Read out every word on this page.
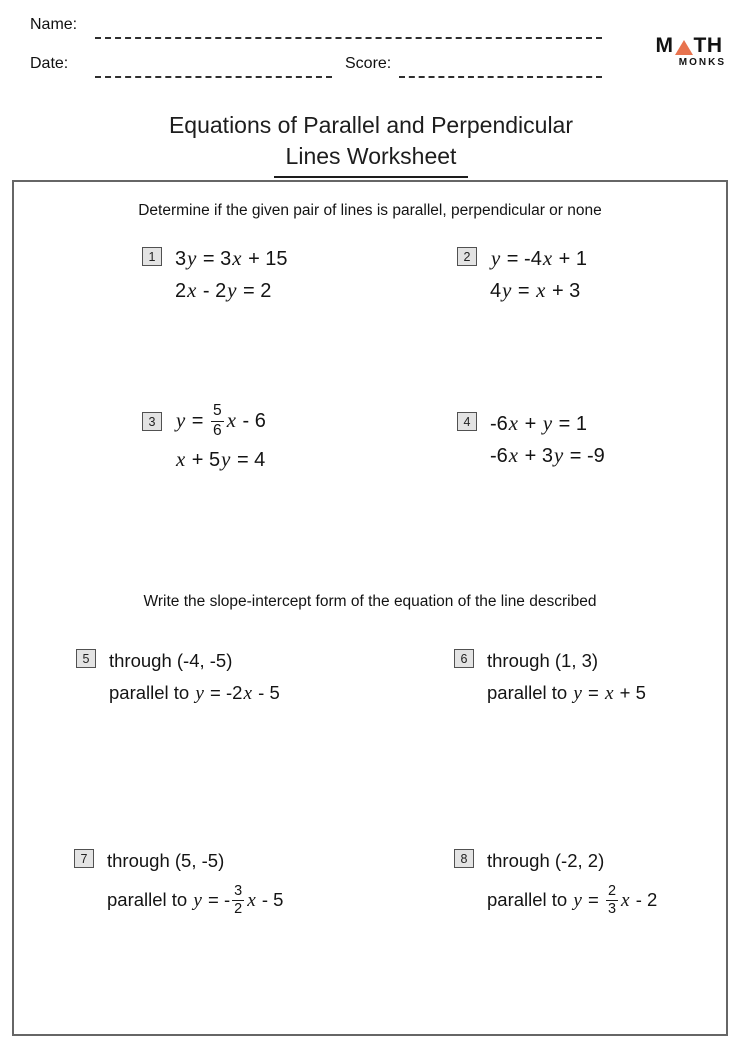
Name:
Date:	Score:
M TH
MONKS
Equations of Parallel and Perpendicular
Lines Worksheet
Determine if the given pair of lines is parallel, perpendicular or none
1 3y = 3x + 15
2x - 2y = 2
2 y = -4x + 1
4y = x + 3
3 $y = \frac{5}{6}$ x - 6
x + 5y = 4
4 -6x + y = 1
-6x + 3y = -9
Write the slope-intercept form of the equation of the line described
5	through (-4, -5)
parallel to y = -2x - 5
6	through (1, 3)
parallel to y = x + 5
7	through (5, -5)
parallel to y = - $\frac{3}{2}$ x - 5
8	through (-2, 2)
parallel to $y = \frac{2}{3}$ x - 2
